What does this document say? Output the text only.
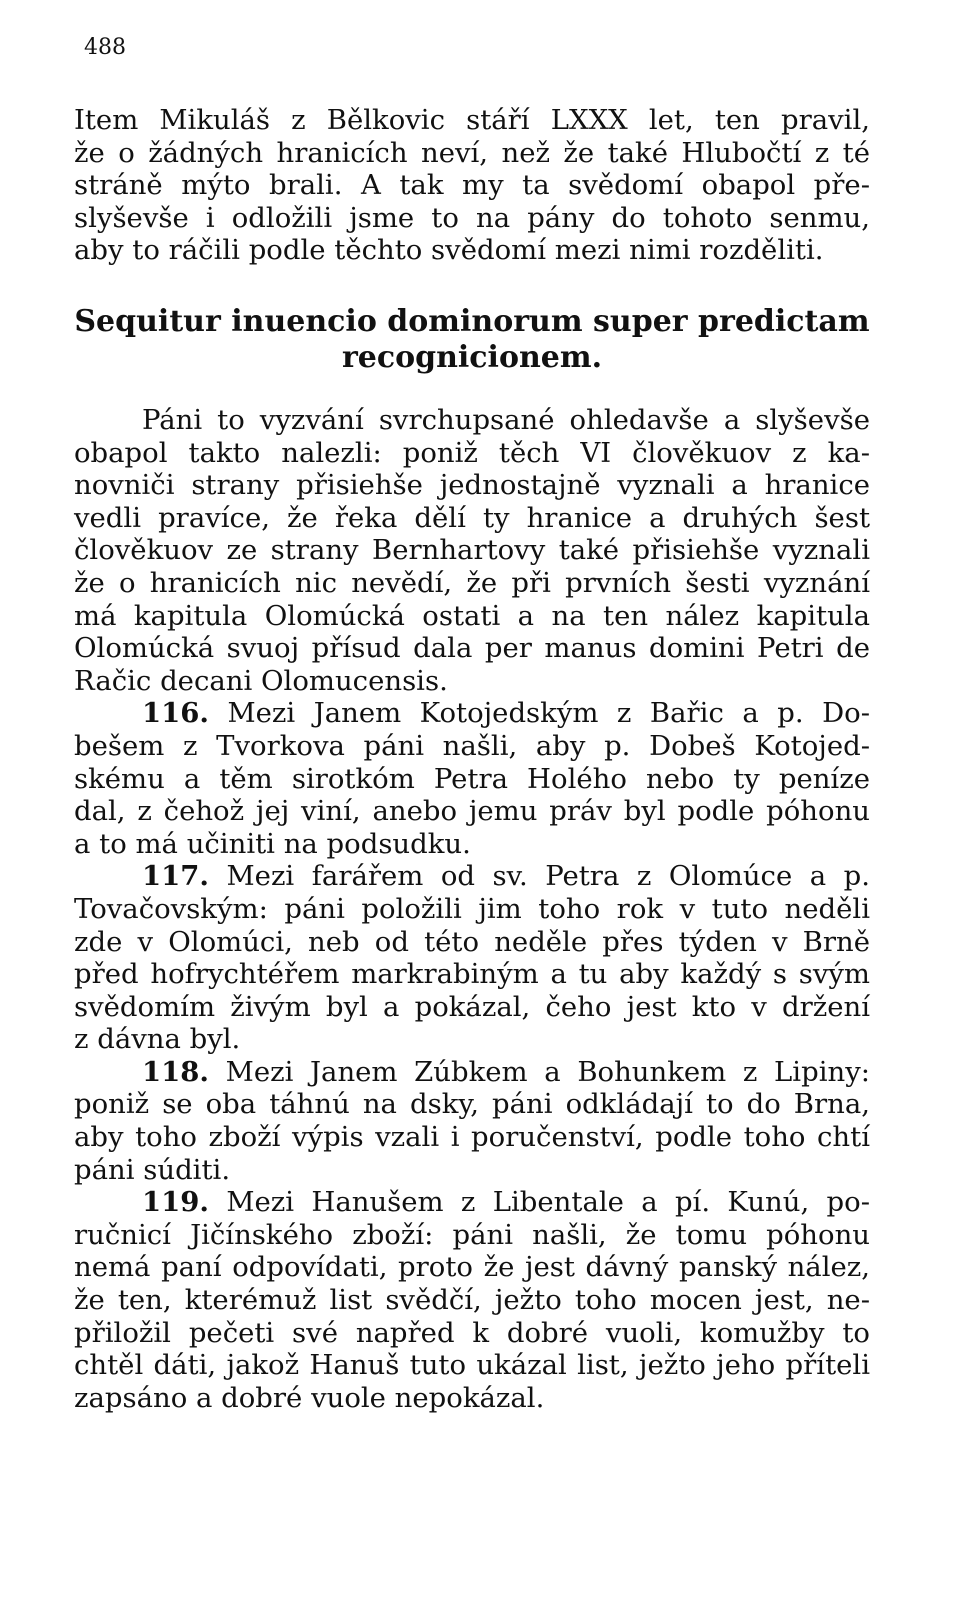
488
Item Mikuláš z Bělkovic stáří LXXX let, ten pravil,
že o žádných hranicích neví, než že také Hlubočtí z té
stráně mýto brali. A tak my ta svědomí obapol pře-
slyševše i odložili jsme to na pány do tohoto senmu,
aby to ráčili podle těchto svědomí mezi nimi rozděliti.
Sequitur inuencio dominorum super predictam
recognicionem.
Páni to vyzvání svrchupsané ohledavše a slyševše
obapol takto nalezli: poniž těch VI člověkuov z ka-
novniči strany přisiehše jednostajně vyznali a hranice
vedli pravíce, že řeka dělí ty hranice a druhých šest
člověkuov ze strany Bernhartovy také přisiehše vyznali
že o hranicích nic nevědí, že při prvních šesti vyznání
má kapitula Olomúcká ostati a na ten nález kapitula
Olomúcká svuoj přísud dala per manus domini Petri de
Račic decani Olomucensis.
116. Mezi Janem Kotojedským z Bařic a p. Do-
bešem z Tvorkova páni našli, aby p. Dobeš Kotojed-
skému a těm sirotkóm Petra Holého nebo ty peníze
dal, z čehož jej viní, anebo jemu práv byl podle póhonu
a to má učiniti na podsudku.
117. Mezi farářem od sv. Petra z Olomúce a p.
Tovačovským: páni položili jim toho rok v tuto neděli
zde v Olomúci, neb od této neděle přes týden v Brně
před hofrychtéřem markrabiným a tu aby každý s svým
svědomím živým byl a pokázal, čeho jest kto v držení
z dávna byl.
118. Mezi Janem Zúbkem a Bohunkem z Lipiny:
poniž se oba táhnú na dsky, páni odkládají to do Brna,
aby toho zboží výpis vzali i poručenství, podle toho chtí
páni súditi.
119. Mezi Hanušem z Libentale a pí. Kunú, po-
ručnicí Jičínského zboží: páni našli, že tomu póhonu
nemá paní odpovídati, proto že jest dávný panský nález,
že ten, kterémuž list svědčí, ježto toho mocen jest, ne-
přiložil pečeti své napřed k dobré vuoli, komužby to
chtěl dáti, jakož Hanuš tuto ukázal list, ježto jeho příteli
zapsáno a dobré vuole nepokázal.
